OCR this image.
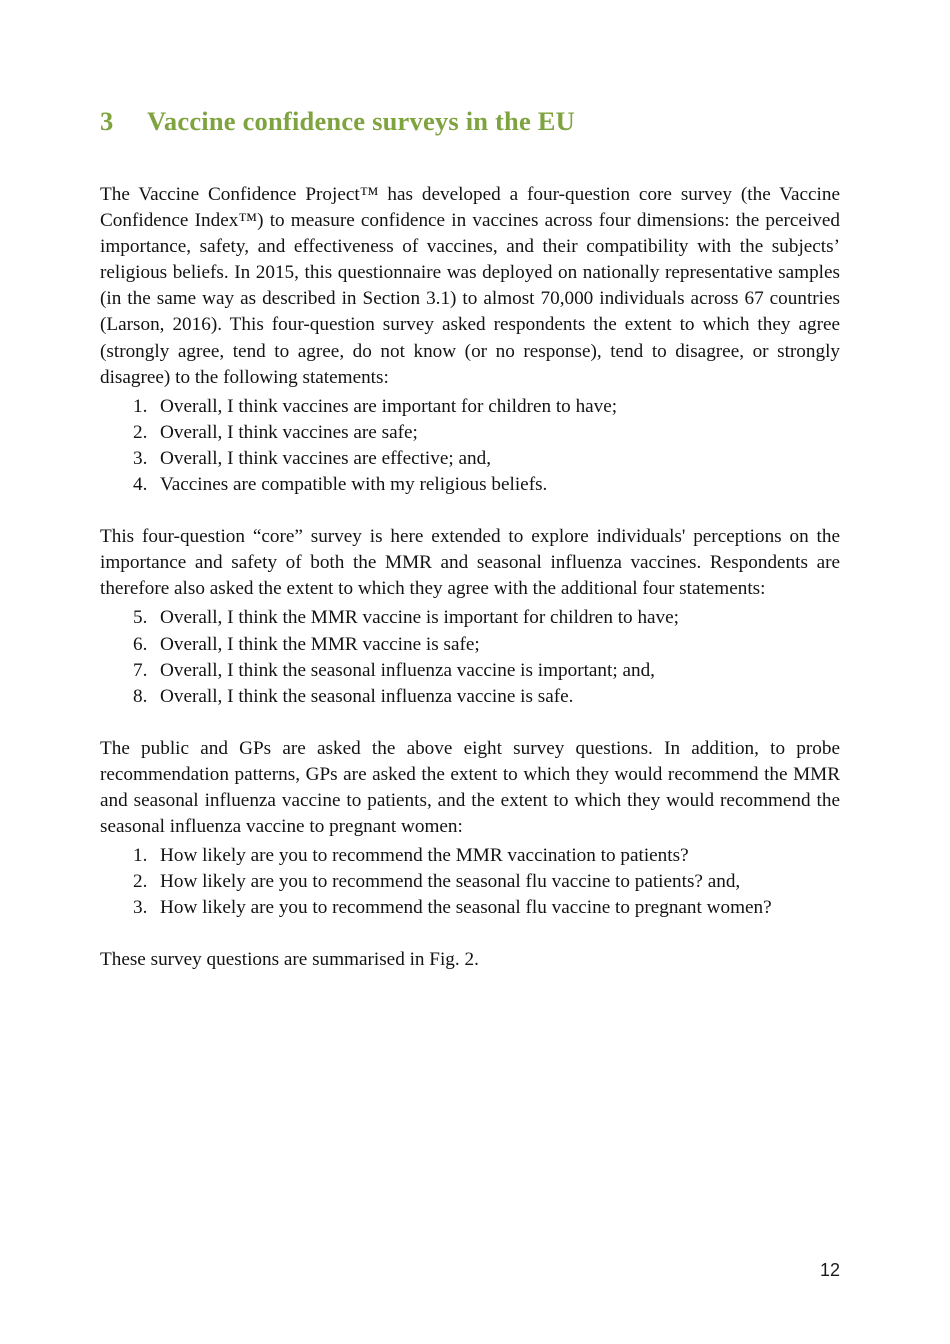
3	Vaccine confidence surveys in the EU

The Vaccine Confidence Project™ has developed a four-question core survey (the Vaccine Confidence Index™) to measure confidence in vaccines across four dimensions: the perceived importance, safety, and effectiveness of vaccines, and their compatibility with the subjects’ religious beliefs. In 2015, this questionnaire was deployed on nationally representative samples (in the same way as described in Section 3.1) to almost 70,000 individuals across 67 countries (Larson, 2016). This four-question survey asked respondents the extent to which they agree (strongly agree, tend to agree, do not know (or no response), tend to disagree, or strongly disagree) to the following statements:

1. Overall, I think vaccines are important for children to have;
2. Overall, I think vaccines are safe;
3. Overall, I think vaccines are effective; and,
4. Vaccines are compatible with my religious beliefs.

This four-question “core” survey is here extended to explore individuals' perceptions on the importance and safety of both the MMR and seasonal influenza vaccines. Respondents are therefore also asked the extent to which they agree with the additional four statements:

5. Overall, I think the MMR vaccine is important for children to have;
6. Overall, I think the MMR vaccine is safe;
7. Overall, I think the seasonal influenza vaccine is important; and,
8. Overall, I think the seasonal influenza vaccine is safe.

The public and GPs are asked the above eight survey questions. In addition, to probe recommendation patterns, GPs are asked the extent to which they would recommend the MMR and seasonal influenza vaccine to patients, and the extent to which they would recommend the seasonal influenza vaccine to pregnant women:

1. How likely are you to recommend the MMR vaccination to patients?
2. How likely are you to recommend the seasonal flu vaccine to patients? and,
3. How likely are you to recommend the seasonal flu vaccine to pregnant women?

These survey questions are summarised in Fig. 2.

12
